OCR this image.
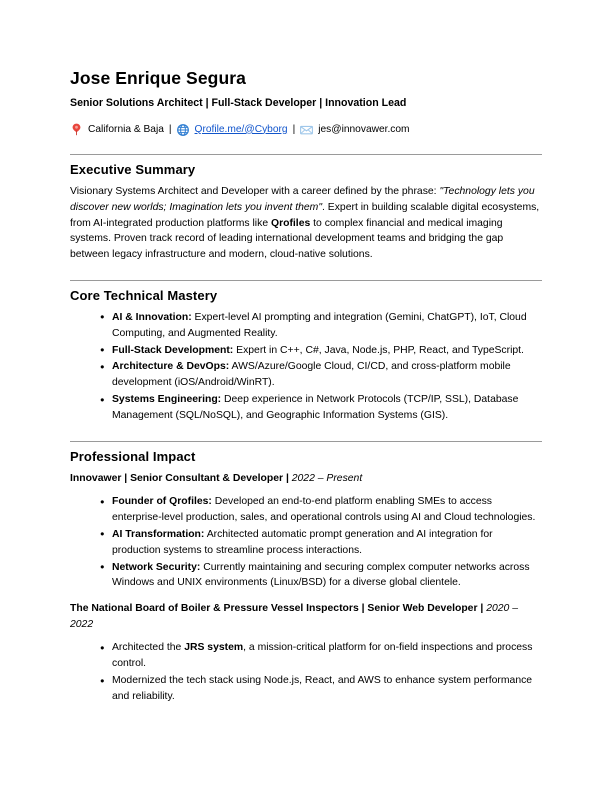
Jose Enrique Segura
Senior Solutions Architect | Full-Stack Developer | Innovation Lead
California & Baja | Qrofile.me/@Cyborg | jes@innovawer.com
Executive Summary

Visionary Systems Architect and Developer with a career defined by the phrase: "Technology lets you discover new worlds; Imagination lets you invent them". Expert in building scalable digital ecosystems, from AI-integrated production platforms like Qrofiles to complex financial and medical imaging systems. Proven track record of leading international development teams and bridging the gap between legacy infrastructure and modern, cloud-native solutions.

Core Technical Mastery
● AI & Innovation: Expert-level AI prompting and integration (Gemini, ChatGPT), IoT, Cloud Computing, and Augmented Reality.
● Full-Stack Development: Expert in C++, C#, Java, Node.js, PHP, React, and TypeScript.
● Architecture & DevOps: AWS/Azure/Google Cloud, CI/CD, and cross-platform mobile development (iOS/Android/WinRT).
● Systems Engineering: Deep experience in Network Protocols (TCP/IP, SSL), Database Management (SQL/NoSQL), and Geographic Information Systems (GIS).
Professional Impact
Innovawer | Senior Consultant & Developer | 2022 – Present
● Founder of Qrofiles: Developed an end-to-end platform enabling SMEs to access enterprise-level production, sales, and operational controls using AI and Cloud technologies.
● AI Transformation: Architected automatic prompt generation and AI integration for production systems to streamline process interactions.
● Network Security: Currently maintaining and securing complex computer networks across Windows and UNIX environments (Linux/BSD) for a diverse global clientele.
The National Board of Boiler & Pressure Vessel Inspectors | Senior Web Developer | 2020 – 2022
● Architected the JRS system, a mission-critical platform for on-field inspections and process control.
● Modernized the tech stack using Node.js, React, and AWS to enhance system performance and reliability.
